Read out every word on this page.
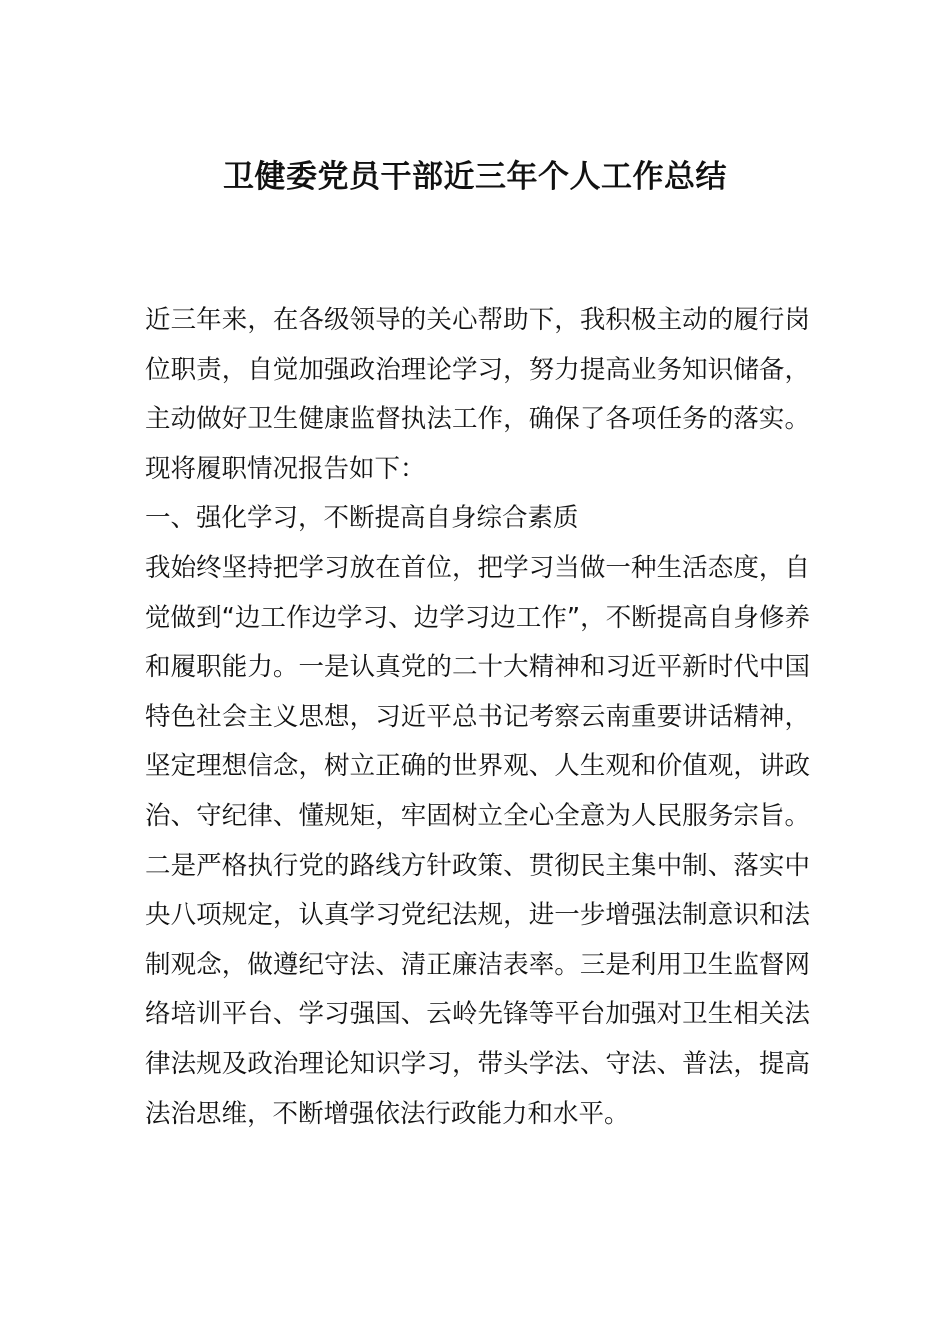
卫健委党员干部近三年个人工作总结

近三年来，在各级领导的关心帮助下，我积极主动的履行岗位职责，自觉加强政治理论学习，努力提高业务知识储备，主动做好卫生健康监督执法工作，确保了各项任务的落实。现将履职情况报告如下：

一、强化学习，不断提高自身综合素质

我始终坚持把学习放在首位，把学习当做一种生活态度，自觉做到“边工作边学习、边学习边工作”，不断提高自身修养和履职能力。一是认真党的二十大精神和习近平新时代中国特色社会主义思想，习近平总书记考察云南重要讲话精神，坚定理想信念，树立正确的世界观、人生观和价值观，讲政治、守纪律、懂规矩，牢固树立全心全意为人民服务宗旨。二是严格执行党的路线方针政策、贯彻民主集中制、落实中央八项规定，认真学习党纪法规，进一步增强法制意识和法制观念，做遵纪守法、清正廉洁表率。三是利用卫生监督网络培训平台、学习强国、云岭先锋等平台加强对卫生相关法律法规及政治理论知识学习，带头学法、守法、普法，提高法治思维，不断增强依法行政能力和水平。
